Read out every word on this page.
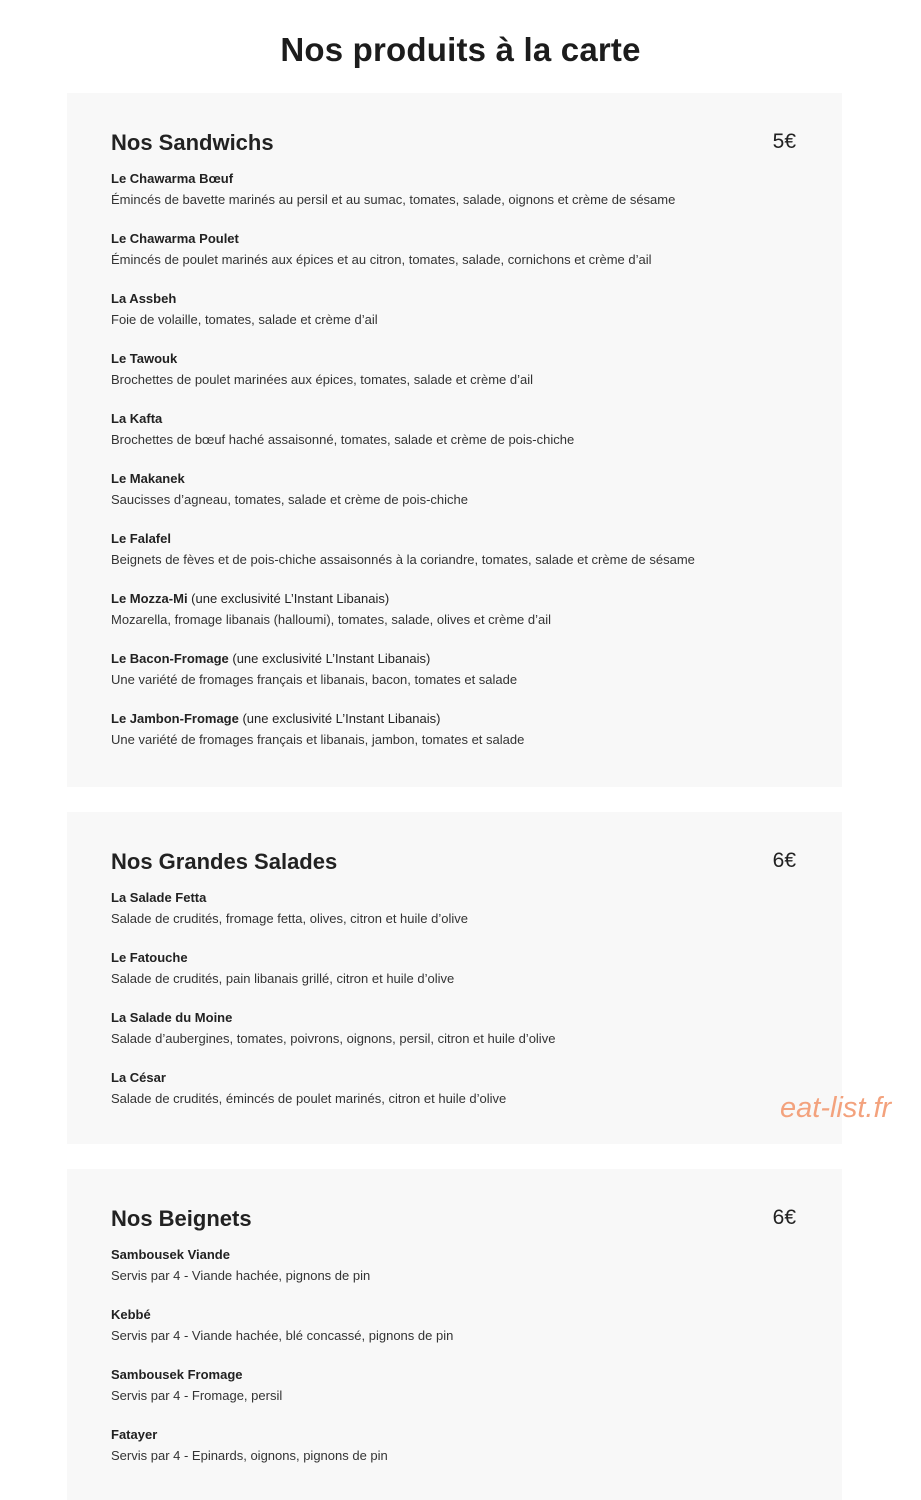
Nos produits à la carte
Nos Sandwichs	5€
Le Chawarma Bœuf
Émincés de bavette marinés au persil et au sumac, tomates, salade, oignons et crème de sésame
Le Chawarma Poulet
Émincés de poulet marinés aux épices et au citron, tomates, salade, cornichons et crème d’ail
La Assbeh
Foie de volaille, tomates, salade et crème d’ail
Le Tawouk
Brochettes de poulet marinées aux épices, tomates, salade et crème d’ail
La Kafta
Brochettes de bœuf haché assaisonné, tomates, salade et crème de pois-chiche
Le Makanek
Saucisses d’agneau, tomates, salade et crème de pois-chiche
Le Falafel
Beignets de fèves et de pois-chiche assaisonnés à la coriandre, tomates, salade et crème de sésame
Le Mozza-Mi (une exclusivité L’Instant Libanais)
Mozarella, fromage libanais (halloumi), tomates, salade, olives et crème d’ail
Le Bacon-Fromage (une exclusivité L’Instant Libanais)
Une variété de fromages français et libanais, bacon, tomates et salade
Le Jambon-Fromage (une exclusivité L’Instant Libanais)
Une variété de fromages français et libanais, jambon, tomates et salade
Nos Grandes Salades	6€
La Salade Fetta
Salade de crudités, fromage fetta, olives, citron et huile d’olive
Le Fatouche
Salade de crudités, pain libanais grillé, citron et huile d’olive
La Salade du Moine
Salade d’aubergines, tomates, poivrons, oignons, persil, citron et huile d’olive
La César
Salade de crudités, émincés de poulet marinés, citron et huile d’olive
Nos Beignets	6€
Sambousek Viande
Servis par 4 - Viande hachée, pignons de pin
Kebbé
Servis par 4 - Viande hachée, blé concassé, pignons de pin
Sambousek Fromage
Servis par 4 - Fromage, persil
Fatayer
Servis par 4 - Epinards, oignons, pignons de pin
eat-list.fr
